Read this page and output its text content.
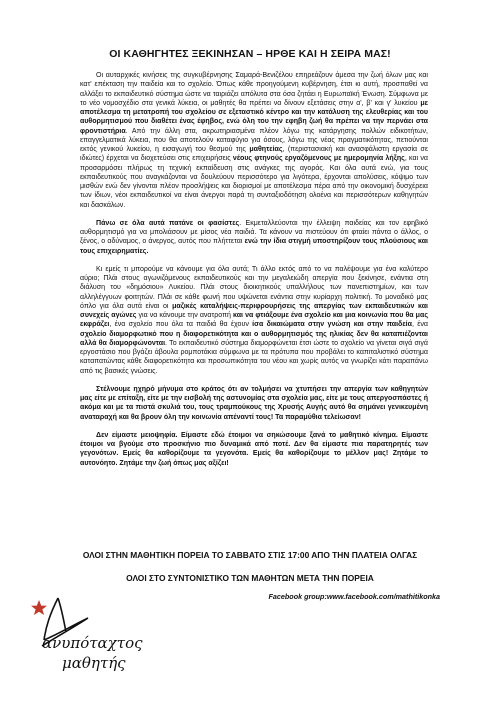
ΟΙ ΚΑΘΗΓΗΤΕΣ ΞΕΚΙΝΗΣΑΝ – ΗΡΘΕ ΚΑΙ Η ΣΕΙΡΑ ΜΑΣ!

Οι αυταρχικές κινήσεις της συγκυβέρνησης Σαμαρά-Βενιζέλου επηρεάζουν άμεσα την ζωή όλων μας και κατ' επέκταση την παιδεία και το σχολείο. Όπως κάθε προηγούμενη κυβέρνηση, έτσι κι αυτή, προσπαθεί να αλλάξει το εκπαιδευτικό σύστημα ώστε να ταιριάζει απόλυτα στα όσα ζητάει η Ευρωπαϊκή Ένωση. Σύμφωνα με το νέο νομοσχέδιο στα γενικά λύκεια, οι μαθητές θα πρέπει να δίνουν εξετάσεις στην α', β' και γ' λυκείου με αποτέλεσμα τη μετατροπή του σχολείου σε εξεταστικό κέντρο και την κατάλυση της ελευθερίας και του αυθορμητισμού που διαθέτει ένας έφηβος, ενώ όλη του την εφηβη ζωή θα πρέπει να την περνάει στα φροντιστήρια. Από την άλλη στα, ακρωτηριασμένα πλέον λόγω της κατάργησης πολλών ειδικοτήτων, επαγγελματικά λύκεια, που θα αποτελούν καταφύγιο για όσους, λόγω της νέας πραγματικότητας, πετιούνται εκτός γενικού λυκείου, η εισαγωγή του θεσμού της μαθητείας, (περιστασιακή και ανασφάλιστη εργασία σε ιδιώτες) έρχεται να διοχετεύσει στις επιχειρήσεις νέους φτηνούς εργαζόμενους με ημερομηνία λήξης, και να προσαρμόσει πλήρως τη τεχνική εκπαίδευση στις ανάγκες της αγοράς. Και όλα αυτά ενώ, για τους εκπαιδευτικούς που αναγκάζονται να δουλεύουν περισσότερο για λιγότερα, έρχονται απολύσεις, κόψιμο των μισθών ενώ δεν γίνονται πλέον προσλήψεις και διορισμοί με αποτέλεσμα πέρα από την οικονομική δυσχέρεια των ίδιων, νέοι εκπαιδευτικοί να είναι άνεργοι παρά τη συνταξιοδότηση ολοένα και περισσότερων καθηγητών και δασκάλων.

Πάνω σε όλα αυτά πατάνε οι φασίστες. Εκμεταλλεύονται την έλλειψη παιδείας και τον εφηβικό αυθορμητισμό για να μπολιάσουν με μίσος νέα παιδιά. Τα κάνουν να πιστεύουν ότι φταίει πάντα ο άλλος, ο ξένος, ο αδύναμος, ο άνεργος, αυτός που πλήττεται ενώ την ίδια στιγμή υποστηρίζουν τους πλούσιους και τους επιχειρηματίες.

Κι εμείς τι μπορούμε να κάνουμε για όλα αυτά; Τι άλλο εκτός από το να παλέψουμε για ένα καλύτερο αύριο; Πλάι στους αγωνιζόμενους εκπαιδευτικούς και την μεγαλειώδη απεργία που ξεκίνησε, ενάντια στη διάλυση του «δημόσιου» Λυκείου. Πλάι στους διοικητικούς υπαλλήλους των πανεπιστημίων, και των αλληλέγγυων φοιτητών. Πλάι σε κάθε φωνή που υψώνεται ενάντια στην κυρίαρχη πολιτική. Το μοναδικό μας όπλο για όλα αυτά είναι οι μαζικές καταλήψεις-περιφρουρήσεις της απεργίας των εκπαιδευτικών και συνεχείς αγώνες για να κάνουμε την ανατροπή και να φτιάξουμε ένα σχολείο και μια κοινωνία που θα μας εκφράζει, ένα σχολείο που όλα τα παιδιά θα έχουν ίσα δικαιώματα στην γνώση και στην παιδεία, ένα σχολείο διαμορφωτικό που η διαφορετικότητα και ο αυθορμητισμός της ηλικίας δεν θα καταπιέζονται αλλά θα διαμορφώνονται. Το εκπαιδευτικό σύστημα διαμορφώνεται έτσι ώστε το σχολείο να γίνεται σιγά σιγά εργοστάσιο που βγάζει άβουλα ρομποτάκια σύμφωνα με τα πρότυπα που προβάλει το καπιταλιστικό σύστημα καταπατώντας κάθε διαφορετικότητα και προσωπικότητα του νέου και χωρίς αυτός να γνωρίζει κάτι παραπάνω από τις βασικές γνώσεις.

Στέλνουμε ηχηρό μήνυμα στο κράτος ότι αν τολμήσει να χτυπήσει την απεργία των καθηγητών μας είτε με επίταξη, είτε με την εισβολή της αστυνομίας στα σχολεία μας, είτε με τους απεργοσπάστες ή ακόμα και με τα πιστά σκυλιά του, τους τραμπούκους της Χρυσής Αυγής αυτό θα σημάνει γενικευμένη αναταραχή και θα βρουν όλη την κοινωνία απέναντί τους! Τα παραμύθια τελείωσαν!

Δεν είμαστε μειοψηφία. Είμαστε εδώ έτοιμοι να σηκώσουμε ξανά το μαθητικό κίνημα. Είμαστε έτοιμοι να βγούμε στο προσκήνιο πιο δυναμικά από ποτέ. Δεν θα είμαστε πια παρατηρητές των γεγονότων. Εμείς θα καθορίζουμε τα γεγονότα. Εμείς θα καθορίζουμε το μέλλον μας! Ζητάμε το αυτονόητο. Ζητάμε την ζωή όπως μας αξίζει!

ΟΛΟΙ ΣΤΗΝ ΜΑΘΗΤΙΚΗ ΠΟΡΕΙΑ ΤΟ ΣΑΒΒΑΤΟ ΣΤΙΣ 17:00 ΑΠΟ ΤΗΝ ΠΛΑΤΕΙΑ ΟΛΓΑΣ
ΟΛΟΙ ΣΤΟ ΣΥΝΤΟΝΙΣΤΙΚΟ ΤΩΝ ΜΑΘΗΤΩΝ ΜΕΤΑ ΤΗΝ ΠΟΡΕΙΑ
Facebook group:www.facebook.com/mathitikonka
ανυπόταχτος
μαθητής
